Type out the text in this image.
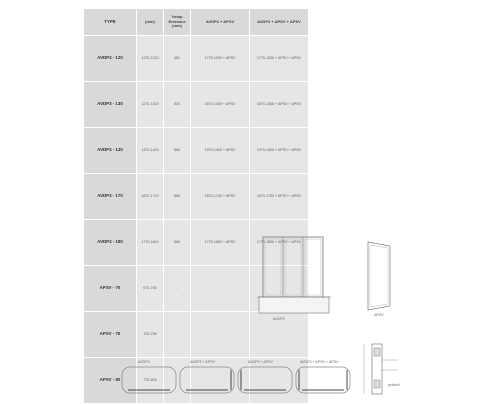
TYPE	(mm)	Vstup
Entrance
(mm)	AVDP3 + APSV	AVDP3 + APSV + APSV
AVDP3 - 120	1170-1210	481	1770-1200 + APSV	1770-1200 + APSV + APSV
AVDP3 - 130	1270-1310	520	1870-1300 + APSV	1870-1300 + APSV + APSV
AVDP3 - 140	1370-1410	560	1970-1400 + APSV	1970-1400 + APSV + APSV
AVDP3 - 170	1670-1710	680	1670-1700 + APSV	1670-1700 + APSV + APSV
AVDP3 - 180	1770-1810	680	1770-1800 + APSV	1770-1800 + APSV + APSV
APSV - 70	670-705	-		
APSV - 75	720-755	-		
APSV - 80	770-805	-		
AVDP3
APSV
AVDP3	AVDP3 + APSV	AVDP3 + APSV	AVDP3 + APSV + APSV
profesil
